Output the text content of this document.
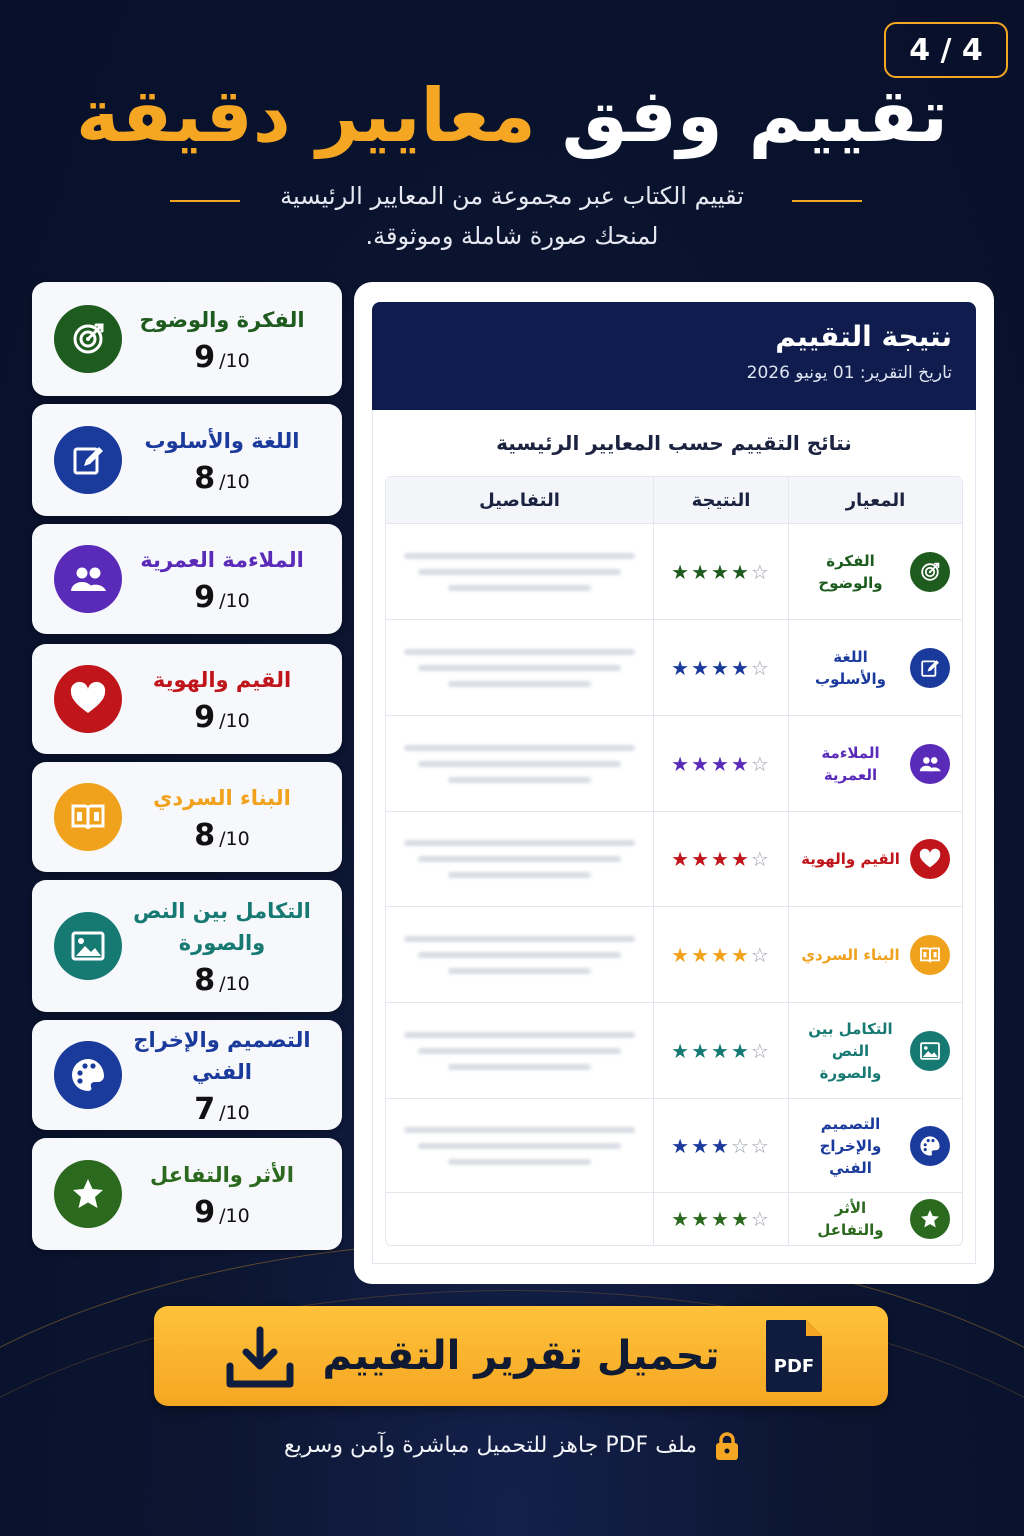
4 / 4
تقييم وفق معايير دقيقة
تقييم الكتاب عبر مجموعة من المعايير الرئيسية
لمنحك صورة شاملة وموثوقة.
الفكرة والوضوح
9 /10
اللغة والأسلوب
8 /10
الملاءمة العمرية
9 /10
القيم والهوية
9 /10
البناء السردي
8 /10
التكامل بين النص والصورة
8 /10
التصميم والإخراج الفني
7 /10
الأثر والتفاعل
9 /10
نتيجة التقييم
تاريخ التقرير: 01 يونيو 2026
نتائج التقييم حسب المعايير الرئيسية
المعيار
النتيجة
التفاصيل
الفكرة والوضوح
★ ★ ★ ★ ☆
اللغة والأسلوب
★ ★ ★ ★ ☆
الملاءمة العمرية
★ ★ ★ ★ ☆
القيم والهوية
★ ★ ★ ★ ☆
البناء السردي
★ ★ ★ ★ ☆
التكامل بين النص والصورة
★ ★ ★ ★ ☆
التصميم والإخراج الفني
★ ★ ★ ☆ ☆
الأثر والتفاعل
★ ★ ★ ★ ☆
PDF
تحميل تقرير التقييم
ملف PDF جاهز للتحميل مباشرة وآمن وسريع
